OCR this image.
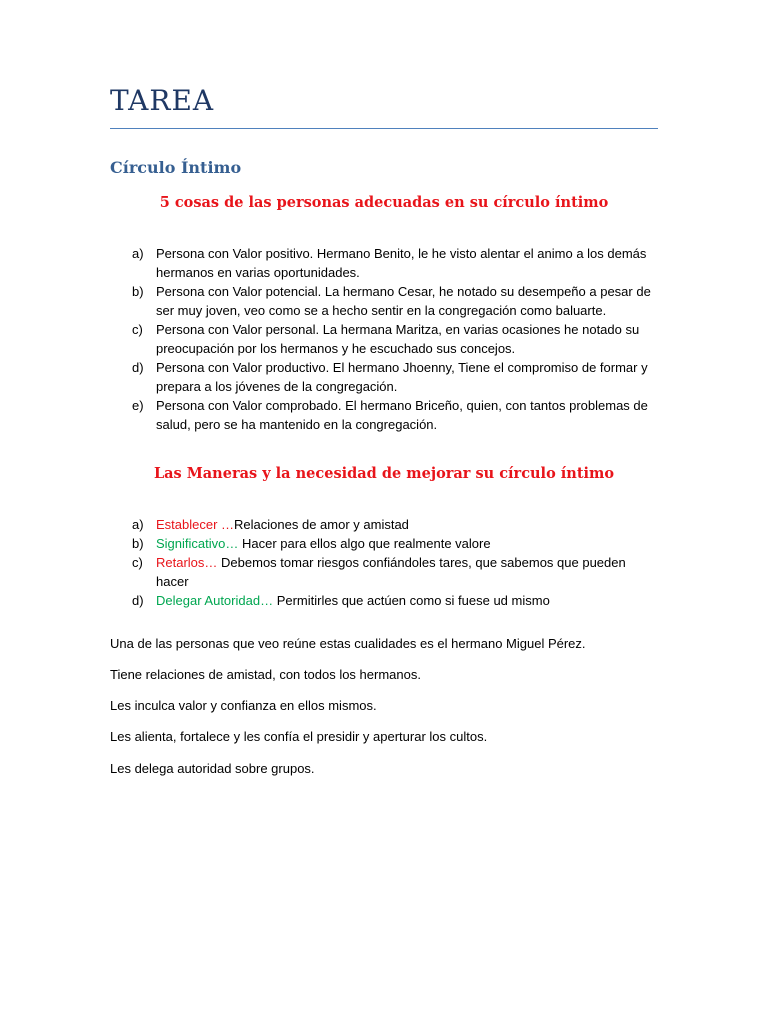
TAREA
Círculo Íntimo
5 cosas de las personas adecuadas en su círculo íntimo
a) Persona con Valor positivo. Hermano Benito, le he visto alentar el animo a los demás hermanos en varias oportunidades.
b) Persona con Valor potencial. La hermano Cesar, he notado su desempeño a pesar de ser muy joven, veo como se a hecho sentir en la congregación como baluarte.
c) Persona con Valor personal. La hermana Maritza, en varias ocasiones he notado su preocupación por los hermanos y he escuchado sus concejos.
d) Persona con Valor productivo. El hermano Jhoenny, Tiene el compromiso de formar y prepara a los jóvenes de la congregación.
e) Persona con Valor comprobado. El hermano Briceño, quien, con tantos problemas de salud, pero se ha mantenido en la congregación.
Las Maneras y la necesidad de mejorar su círculo íntimo
a) Establecer …Relaciones de amor y amistad
b) Significativo… Hacer para ellos algo que realmente valore
c) Retarlos… Debemos tomar riesgos confiándoles tares, que sabemos que pueden hacer
d) Delegar Autoridad… Permitirles que actúen como si fuese ud mismo

Una de las personas que veo reúne estas cualidades es el hermano Miguel Pérez.

Tiene relaciones de amistad, con todos los hermanos.

Les inculca valor y confianza en ellos mismos.

Les alienta, fortalece y les confía el presidir y aperturar los cultos.

Les delega autoridad sobre grupos.
